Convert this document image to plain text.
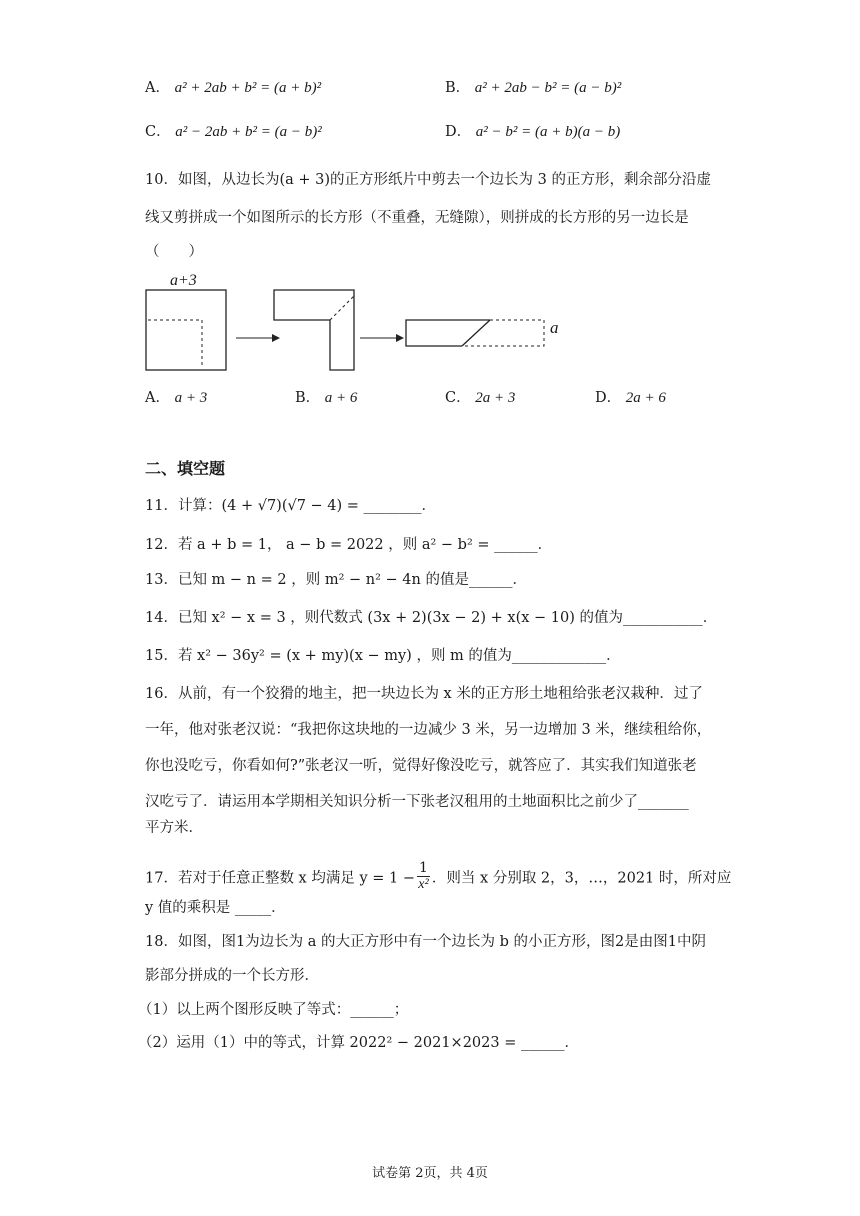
A． a² + 2ab + b² = (a + b)²	B． a² + 2ab − b² = (a − b)²
C． a² − 2ab + b² = (a − b)²	D． a² − b² = (a + b)(a − b)
10．如图，从边长为(a + 3)的正方形纸片中剪去一个边长为 3 的正方形，剩余部分沿虚
线又剪拼成一个如图所示的长方形（不重叠，无缝隙），则拼成的长方形的另一边长是
（　　）
a+3
a
A． a + 3	B． a + 6	C． 2a + 3	D． 2a + 6
二、填空题
11．计算：(4 + √7)(√7 − 4) = ________．
12．若 a + b = 1， a − b = 2022 ，则 a² − b² = ______．
13．已知 m − n = 2 ，则 m² − n² − 4n 的值是______．
14．已知 x² − x = 3 ，则代数式 (3x + 2)(3x − 2) + x(x − 10) 的值为___________．
15．若 x² − 36y² = (x + my)(x − my) ，则 m 的值为_____________．
16．从前，有一个狡猾的地主，把一块边长为 x 米的正方形土地租给张老汉栽种．过了
一年，他对张老汉说：“我把你这块地的一边减少 3 米，另一边增加 3 米，继续租给你，
你也没吃亏，你看如何?”张老汉一听，觉得好像没吃亏，就答应了．其实我们知道张老
汉吃亏了．请运用本学期相关知识分析一下张老汉租用的土地面积比之前少了_______
平方米．
17．若对于任意正整数 x 均满足 $y = 1 - \frac{1}{\text{x²}}$ ．则当 x 分别取 2，3，…，2021 时，所对应
y 值的乘积是 _____．
18．如图，图1为边长为 a 的大正方形中有一个边长为 b 的小正方形，图2是由图1中阴
影部分拼成的一个长方形．
（1）以上两个图形反映了等式：______；
（2）运用（1）中的等式，计算 2022² − 2021×2023 = ______．
试卷第 2页，共 4页
